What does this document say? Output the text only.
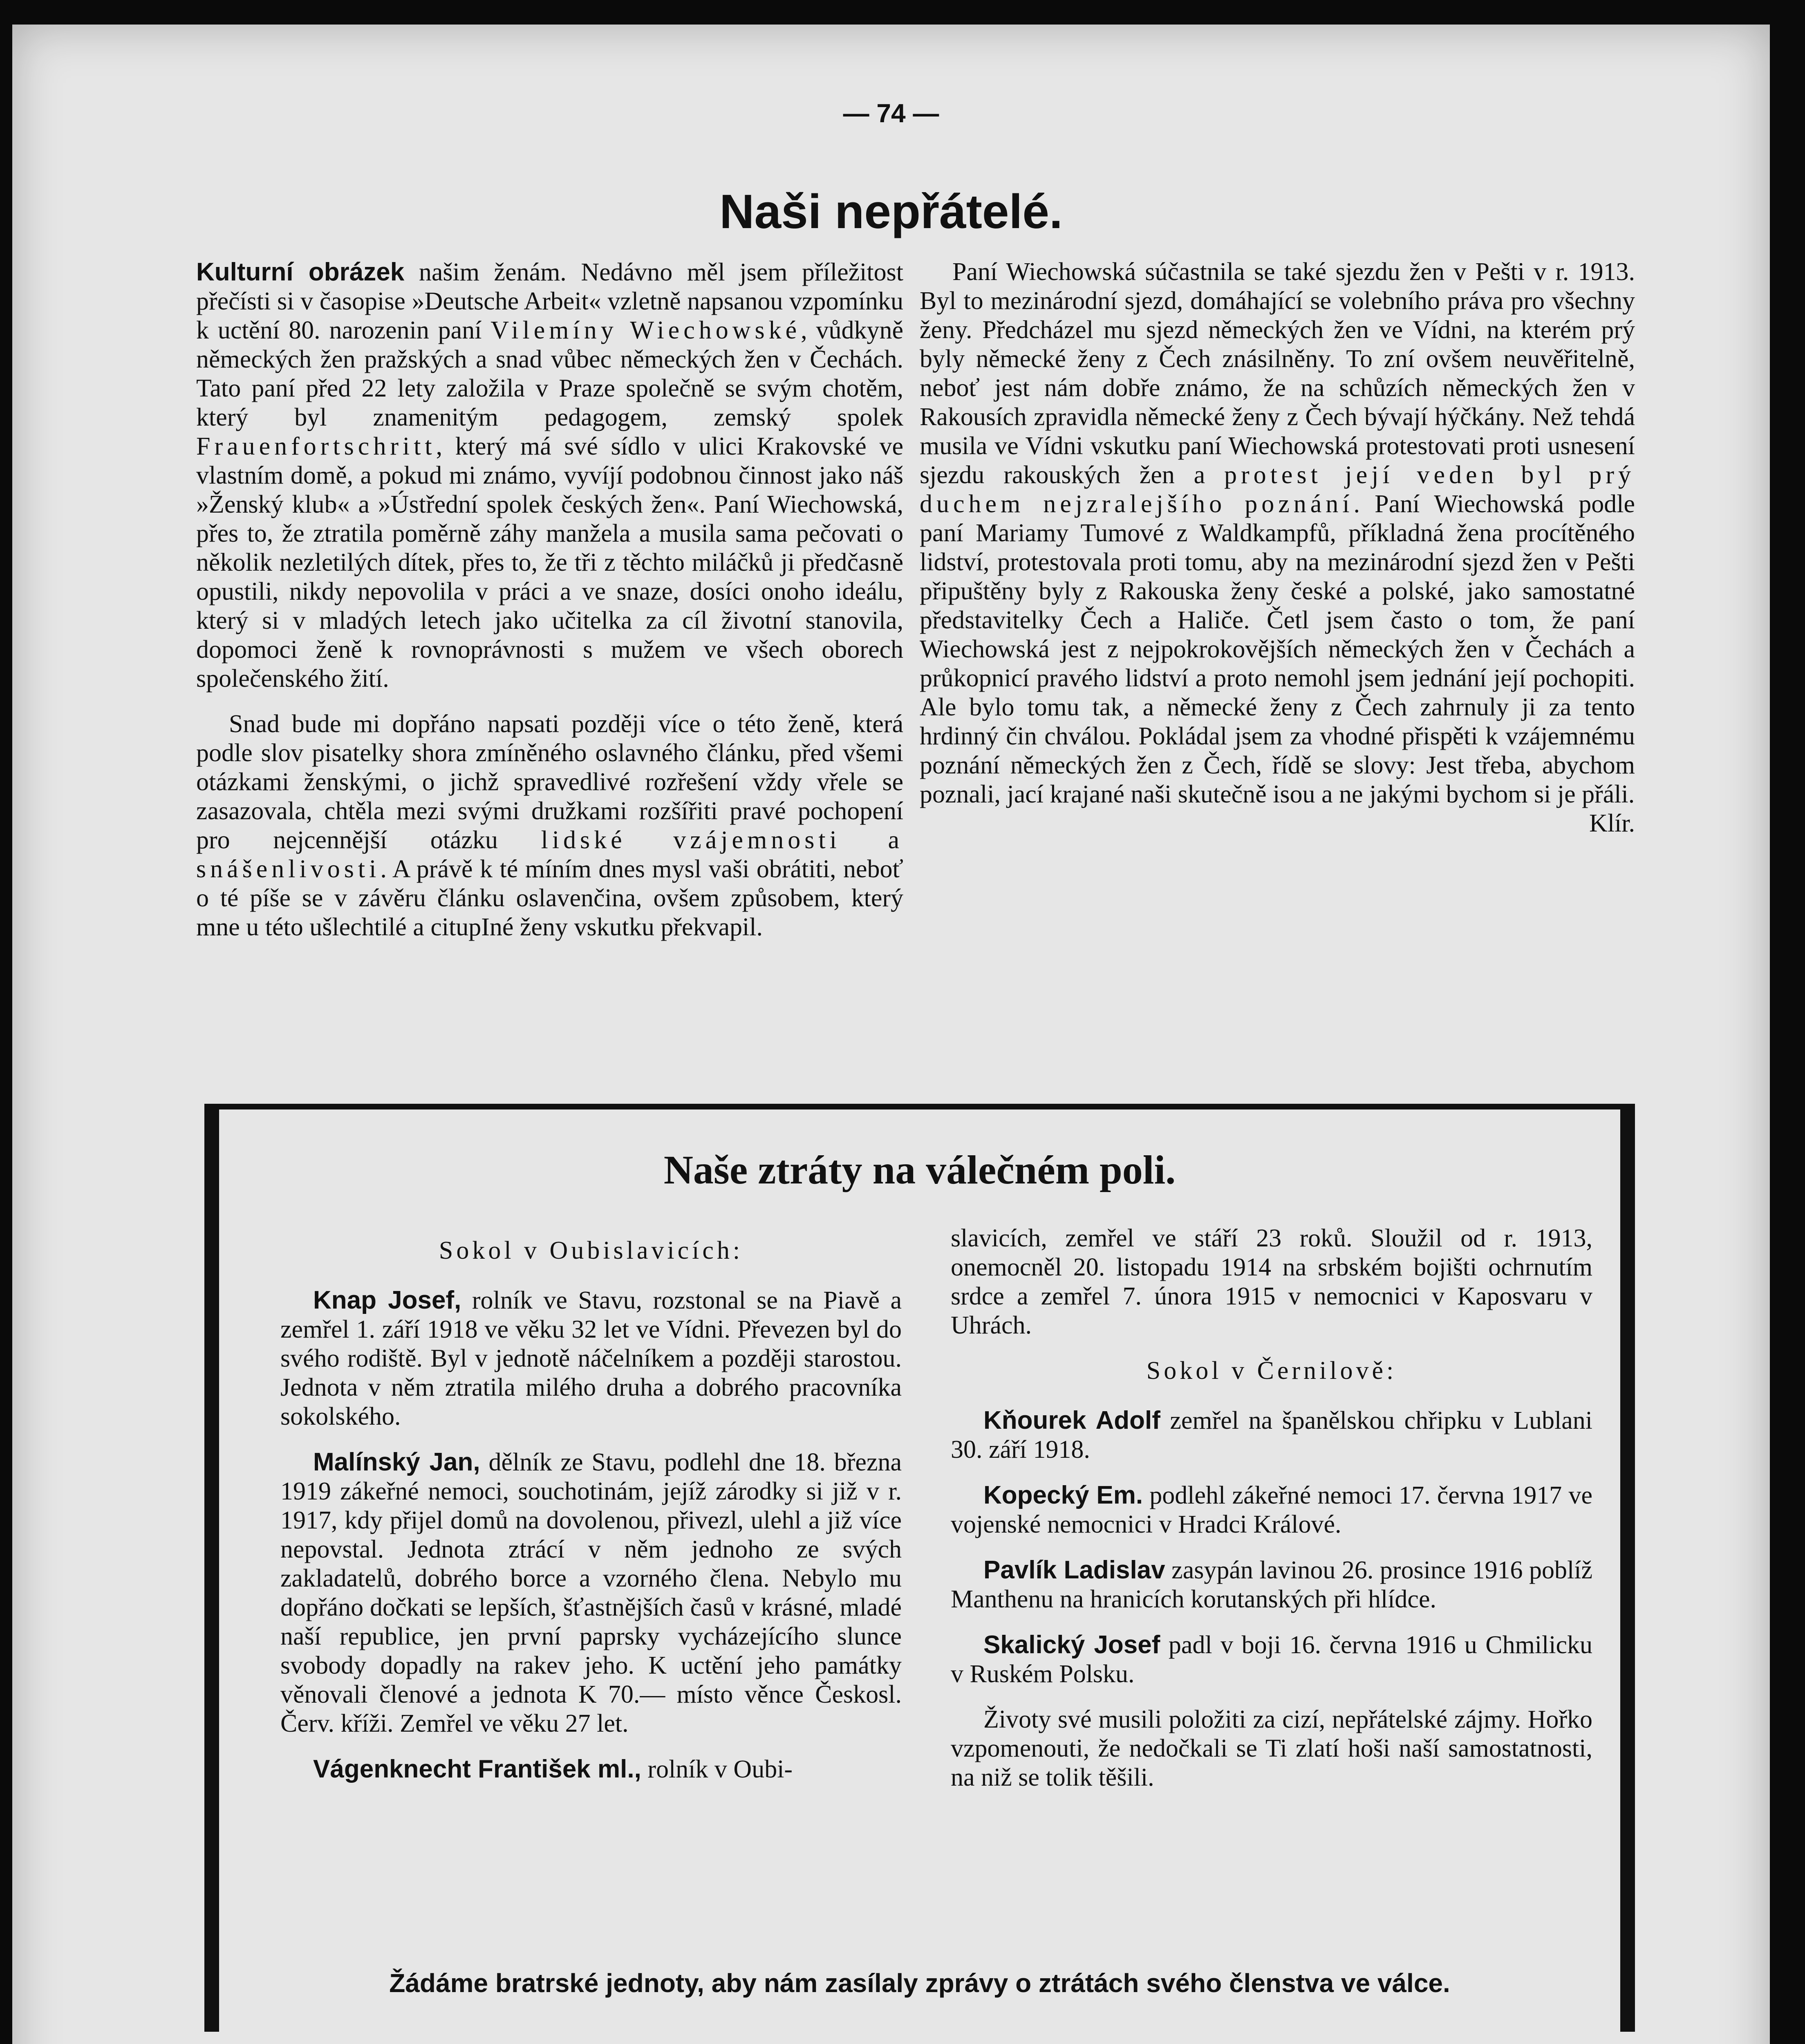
— 74 —
Naši nepřátelé.

Kulturní obrázek našim ženám. Nedávno měl jsem příležitost přečísti si v časopise »Deutsche Arbeit« vzletně napsanou vzpomínku k uctění 80. narozenin paní Vilemíny Wiechowské, vůdkyně německých žen pražských a snad vůbec německých žen v Čechách. Tato paní před 22 lety založila v Praze společně se svým chotěm, který byl znamenitým pedagogem, zemský spolek Frauenfortschritt, který má své sídlo v ulici Krakovské ve vlastním domě, a pokud mi známo, vyvíjí podobnou činnost jako náš »Ženský klub« a »Ústřední spolek českých žen«. Paní Wiechowská, přes to, že ztratila poměrně záhy manžela a musila sama pečovati o několik nezletilých dítek, přes to, že tři z těchto miláčků ji předčasně opustili, nikdy nepovolila v práci a ve snaze, dosíci onoho ideálu, který si v mladých letech jako učitelka za cíl životní stanovila, dopomoci ženě k rovnoprávnosti s mužem ve všech oborech společenského žití.

Snad bude mi dopřáno napsati později více o této ženě, která podle slov pisatelky shora zmíněného oslavného článku, před všemi otázkami ženskými, o jichž spravedlivé rozřešení vždy vřele se zasazovala, chtěla mezi svými družkami rozšířiti pravé pochopení pro nejcennější otázku lidské vzájemnosti a snášenlivosti. A právě k té míním dnes mysl vaši obrátiti, neboť o té píše se v závěru článku oslavenčina, ovšem způsobem, který mne u této ušlechtilé a citupIné ženy vskutku překvapil.

Paní Wiechowská súčastnila se také sjezdu žen v Pešti v r. 1913. Byl to mezinárodní sjezd, domáhající se volebního práva pro všechny ženy. Předcházel mu sjezd německých žen ve Vídni, na kterém prý byly německé ženy z Čech znásilněny. To zní ovšem neuvěřitelně, neboť jest nám dobře známo, že na schůzích německých žen v Rakousích zpravidla německé ženy z Čech bývají hýčkány. Než tehdá musila ve Vídni vskutku paní Wiechowská protestovati proti usnesení sjezdu rakouských žen a protest její veden byl prý duchem nejzralejšího poznání. Paní Wiechowská podle paní Mariamy Tumové z Waldkampfů, příkladná žena procítěného lidství, protestovala proti tomu, aby na mezinárodní sjezd žen v Pešti připuštěny byly z Rakouska ženy české a polské, jako samostatné představitelky Čech a Haliče. Četl jsem často o tom, že paní Wiechowská jest z nejpokrokovějších německých žen v Čechách a průkopnicí pravého lidství a proto nemohl jsem jednání její pochopiti. Ale bylo tomu tak, a německé ženy z Čech zahrnuly ji za tento hrdinný čin chválou. Pokládal jsem za vhodné přispěti k vzájemnému poznání německých žen z Čech, řídě se slovy: Jest třeba, abychom poznali, jací krajané naši skutečně isou a ne jakými bychom si je přáli.
Klír.

Naše ztráty na válečném poli.

Sokol v Oubislavicích:

Knap Josef, rolník ve Stavu, rozstonal se na Piavě a zemřel 1. září 1918 ve věku 32 let ve Vídni. Převezen byl do svého rodiště. Byl v jednotě náčelníkem a později starostou. Jednota v něm ztratila milého druha a dobrého pracovníka sokolského.

Malínský Jan, dělník ze Stavu, podlehl dne 18. března 1919 zákeřné nemoci, souchotinám, jejíž zárodky si již v r. 1917, kdy přijel domů na dovolenou, přivezl, ulehl a již více nepovstal. Jednota ztrácí v něm jednoho ze svých zakladatelů, dobrého borce a vzorného člena. Nebylo mu dopřáno dočkati se lepších, šťastnějších časů v krásné, mladé naší republice, jen první paprsky vycházejícího slunce svobody dopadly na rakev jeho. K uctění jeho památky věnovali členové a jednota K 70.— místo věnce Českosl. Červ. kříži. Zemřel ve věku 27 let.

Vágenknecht František ml., rolník v Oubi-

slavicích, zemřel ve stáří 23 roků. Sloužil od r. 1913, onemocněl 20. listopadu 1914 na srbském bojišti ochrnutím srdce a zemřel 7. února 1915 v nemocnici v Kaposvaru v Uhrách.

Sokol v Černilově:

Kňourek Adolf zemřel na španělskou chřipku v Lublani 30. září 1918.

Kopecký Em. podlehl zákeřné nemoci 17. června 1917 ve vojenské nemocnici v Hradci Králové.

Pavlík Ladislav zasypán lavinou 26. prosince 1916 poblíž Manthenu na hranicích korutanských při hlídce.

Skalický Josef padl v boji 16. června 1916 u Chmilicku v Ruském Polsku.

Životy své musili položiti za cizí, nepřátelské zájmy. Hořko vzpomenouti, že nedočkali se Ti zlatí hoši naší samostatnosti, na niž se tolik těšili.

Žádáme bratrské jednoty, aby nám zasílaly zprávy o ztrátách svého členstva ve válce.
